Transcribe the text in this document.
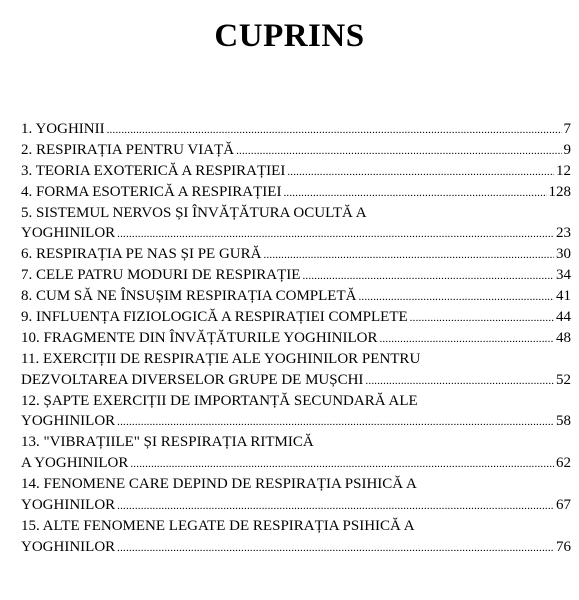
CUPRINS
1. YOGHINII .....	7
2. RESPIRAȚIA PENTRU VIAȚĂ .....	9
3. TEORIA EXOTERICĂ A RESPIRAȚIEI .....	12
4. FORMA ESOTERICĂ A RESPIRAȚIEI .....	128
5. SISTEMUL NERVOS ȘI ÎNVĂȚĂTURA OCULTĂ A
YOGHINILOR .....	23
6. RESPIRAȚIA PE NAS ȘI PE GURĂ .....	30
7. CELE PATRU MODURI DE RESPIRAȚIE .....	34
8. CUM SĂ NE ÎNSUȘIM RESPIRAȚIA COMPLETĂ .....	41
9. INFLUENȚA FIZIOLOGICĂ A RESPIRAȚIEI COMPLETE .....	44
10. FRAGMENTE DIN ÎNVĂȚĂTURILE YOGHINILOR .....	48
11. EXERCIȚII DE RESPIRAȚIE ALE YOGHINILOR PENTRU
DEZVOLTAREA DIVERSELOR GRUPE DE MUȘCHI .....	52
12. ȘAPTE EXERCIȚII DE IMPORTANȚĂ SECUNDARĂ ALE
YOGHINILOR .....	58
13. "VIBRAȚIILE" ȘI RESPIRAȚIA RITMICĂ
A YOGHINILOR .....	62
14. FENOMENE CARE DEPIND DE RESPIRAȚIA PSIHICĂ A
YOGHINILOR .....	67
15. ALTE FENOMENE LEGATE DE RESPIRAȚIA PSIHICĂ A
YOGHINILOR .....	76
